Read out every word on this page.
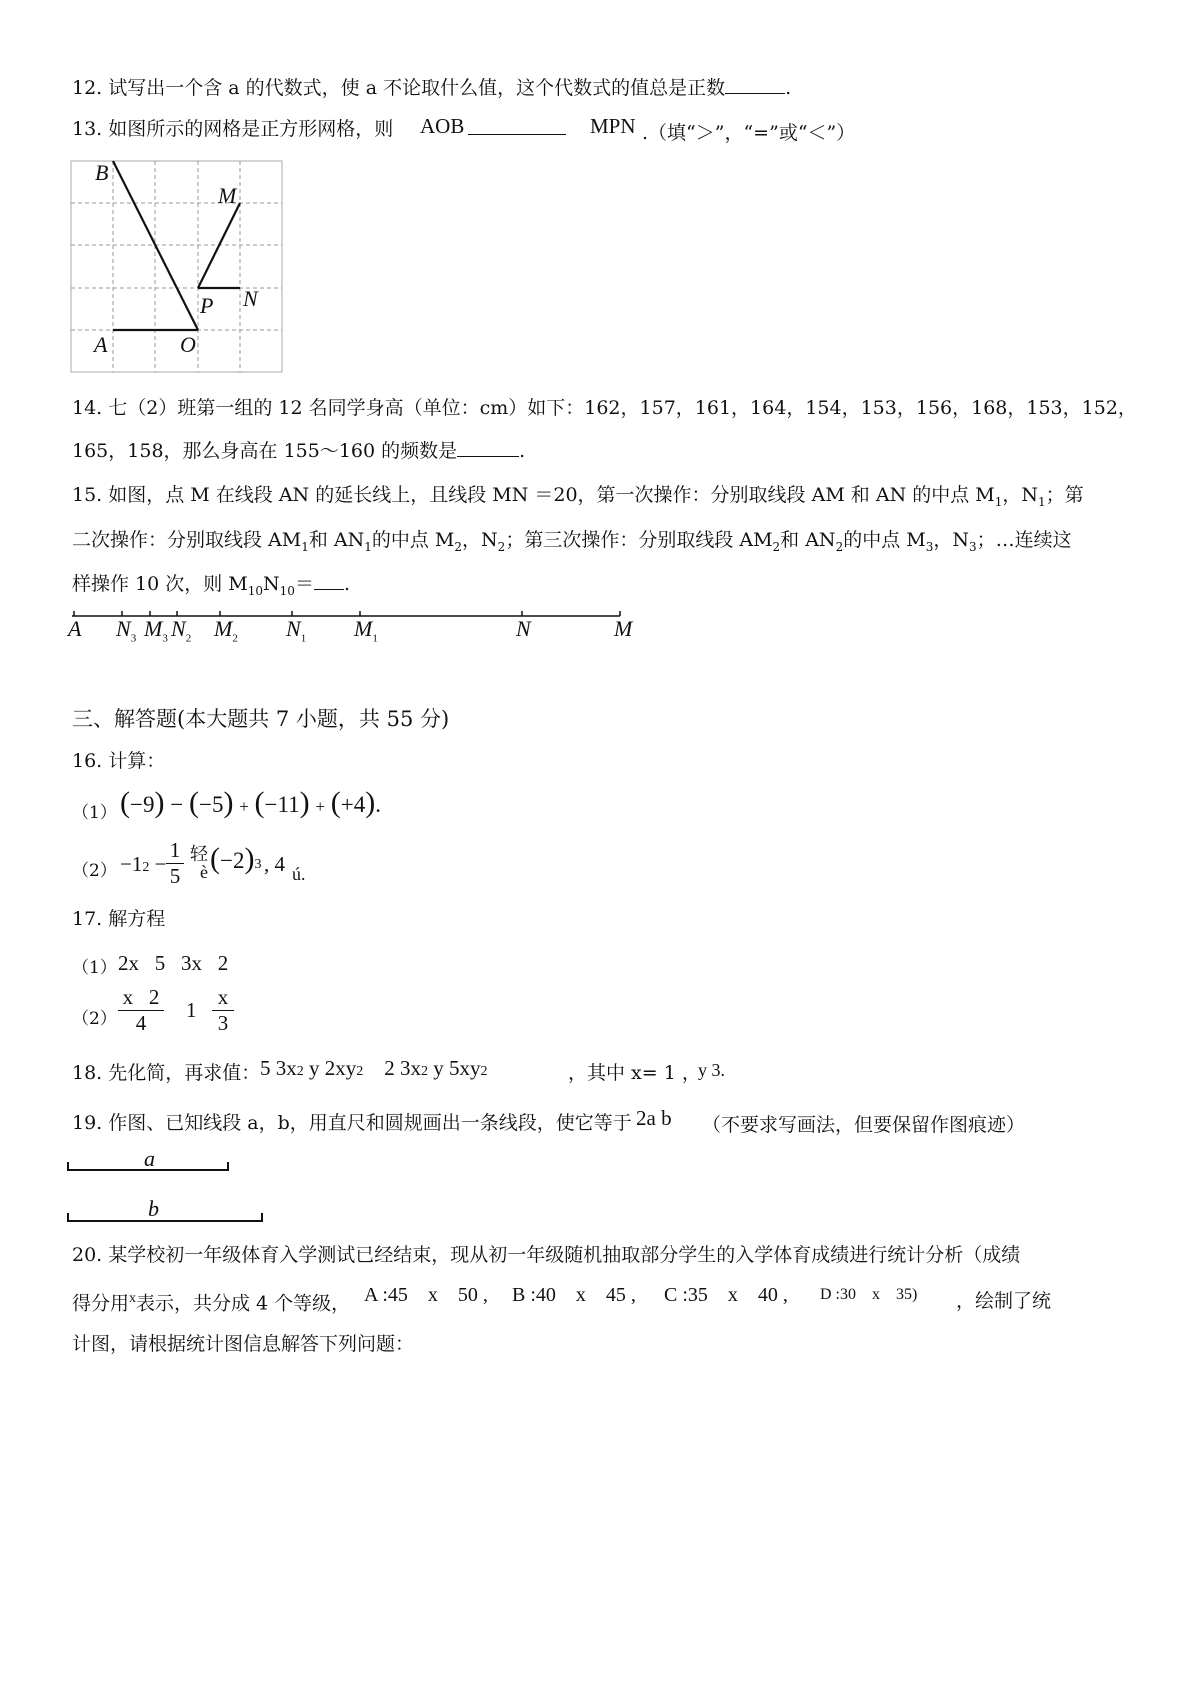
12. 试写出一个含 a 的代数式，使 a 不论取什么值，这个代数式的值总是正数	.
13. 如图所示的网格是正方形网格，则 AOB	MPN .（填“＞”，“=”或“＜”）
B
M
P N
A	O
14. 七（2）班第一组的 12 名同学身高（单位：cm）如下：162，157，161，164，154，153，156，168，153，152，
165，158，那么身高在 155～160 的频数是	.
15. 如图，点 M 在线段 AN 的延长线上，且线段 MN ＝20，第一次操作：分别取线段 AM 和 AN 的中点 $M_1$，$N_1$；第
二次操作：分别取线段 $AM_1$和 $AN_1$的中点 $M_2$，$N_2$；第三次操作：分别取线段 $AM_2$和 $AN_2$的中点 $M_3$，$N_3$；…连续这
样操作 10 次，则 $M_{10}N_{10}=$ .
A $N_3$ $M_3$ $N_2$ $M_2$ $N_1$ $M_1$	N	M
三、解答题(本大题共 7 小题，共 55 分)
16. 计算：
（1） (−9) − (−5) + (−11) + (+4).
$(2) -12 - \frac{1}{5}$ 轻
è (−2)3 , 4 ú.
17. 解方程
（1） 2x 5 3x 2
$(2) \frac{x 2}{4} 1 \frac{x}{3}$
18. 先化简，再求值： 5 3x2 y 2xy2 2 3x2 y 5xy2	，其中 x= 1 ，
y 3.
19. 作图、已知线段 a，b，用直尺和圆规画出一条线段，使它等于 2a b （不要求写画法，但要保留作图痕迹）
a
b
20. 某学校初一年级体育入学测试已经结束，现从初一年级随机抽取部分学生的入学体育成绩进行统计分析（成绩
得分用$^x$表示，共分成 4 个等级， A :45    x    50 , B :40    x    45 , C :35    x    40 , D :30    x    35) ，绘制了统
计图，请根据统计图信息解答下列问题：
